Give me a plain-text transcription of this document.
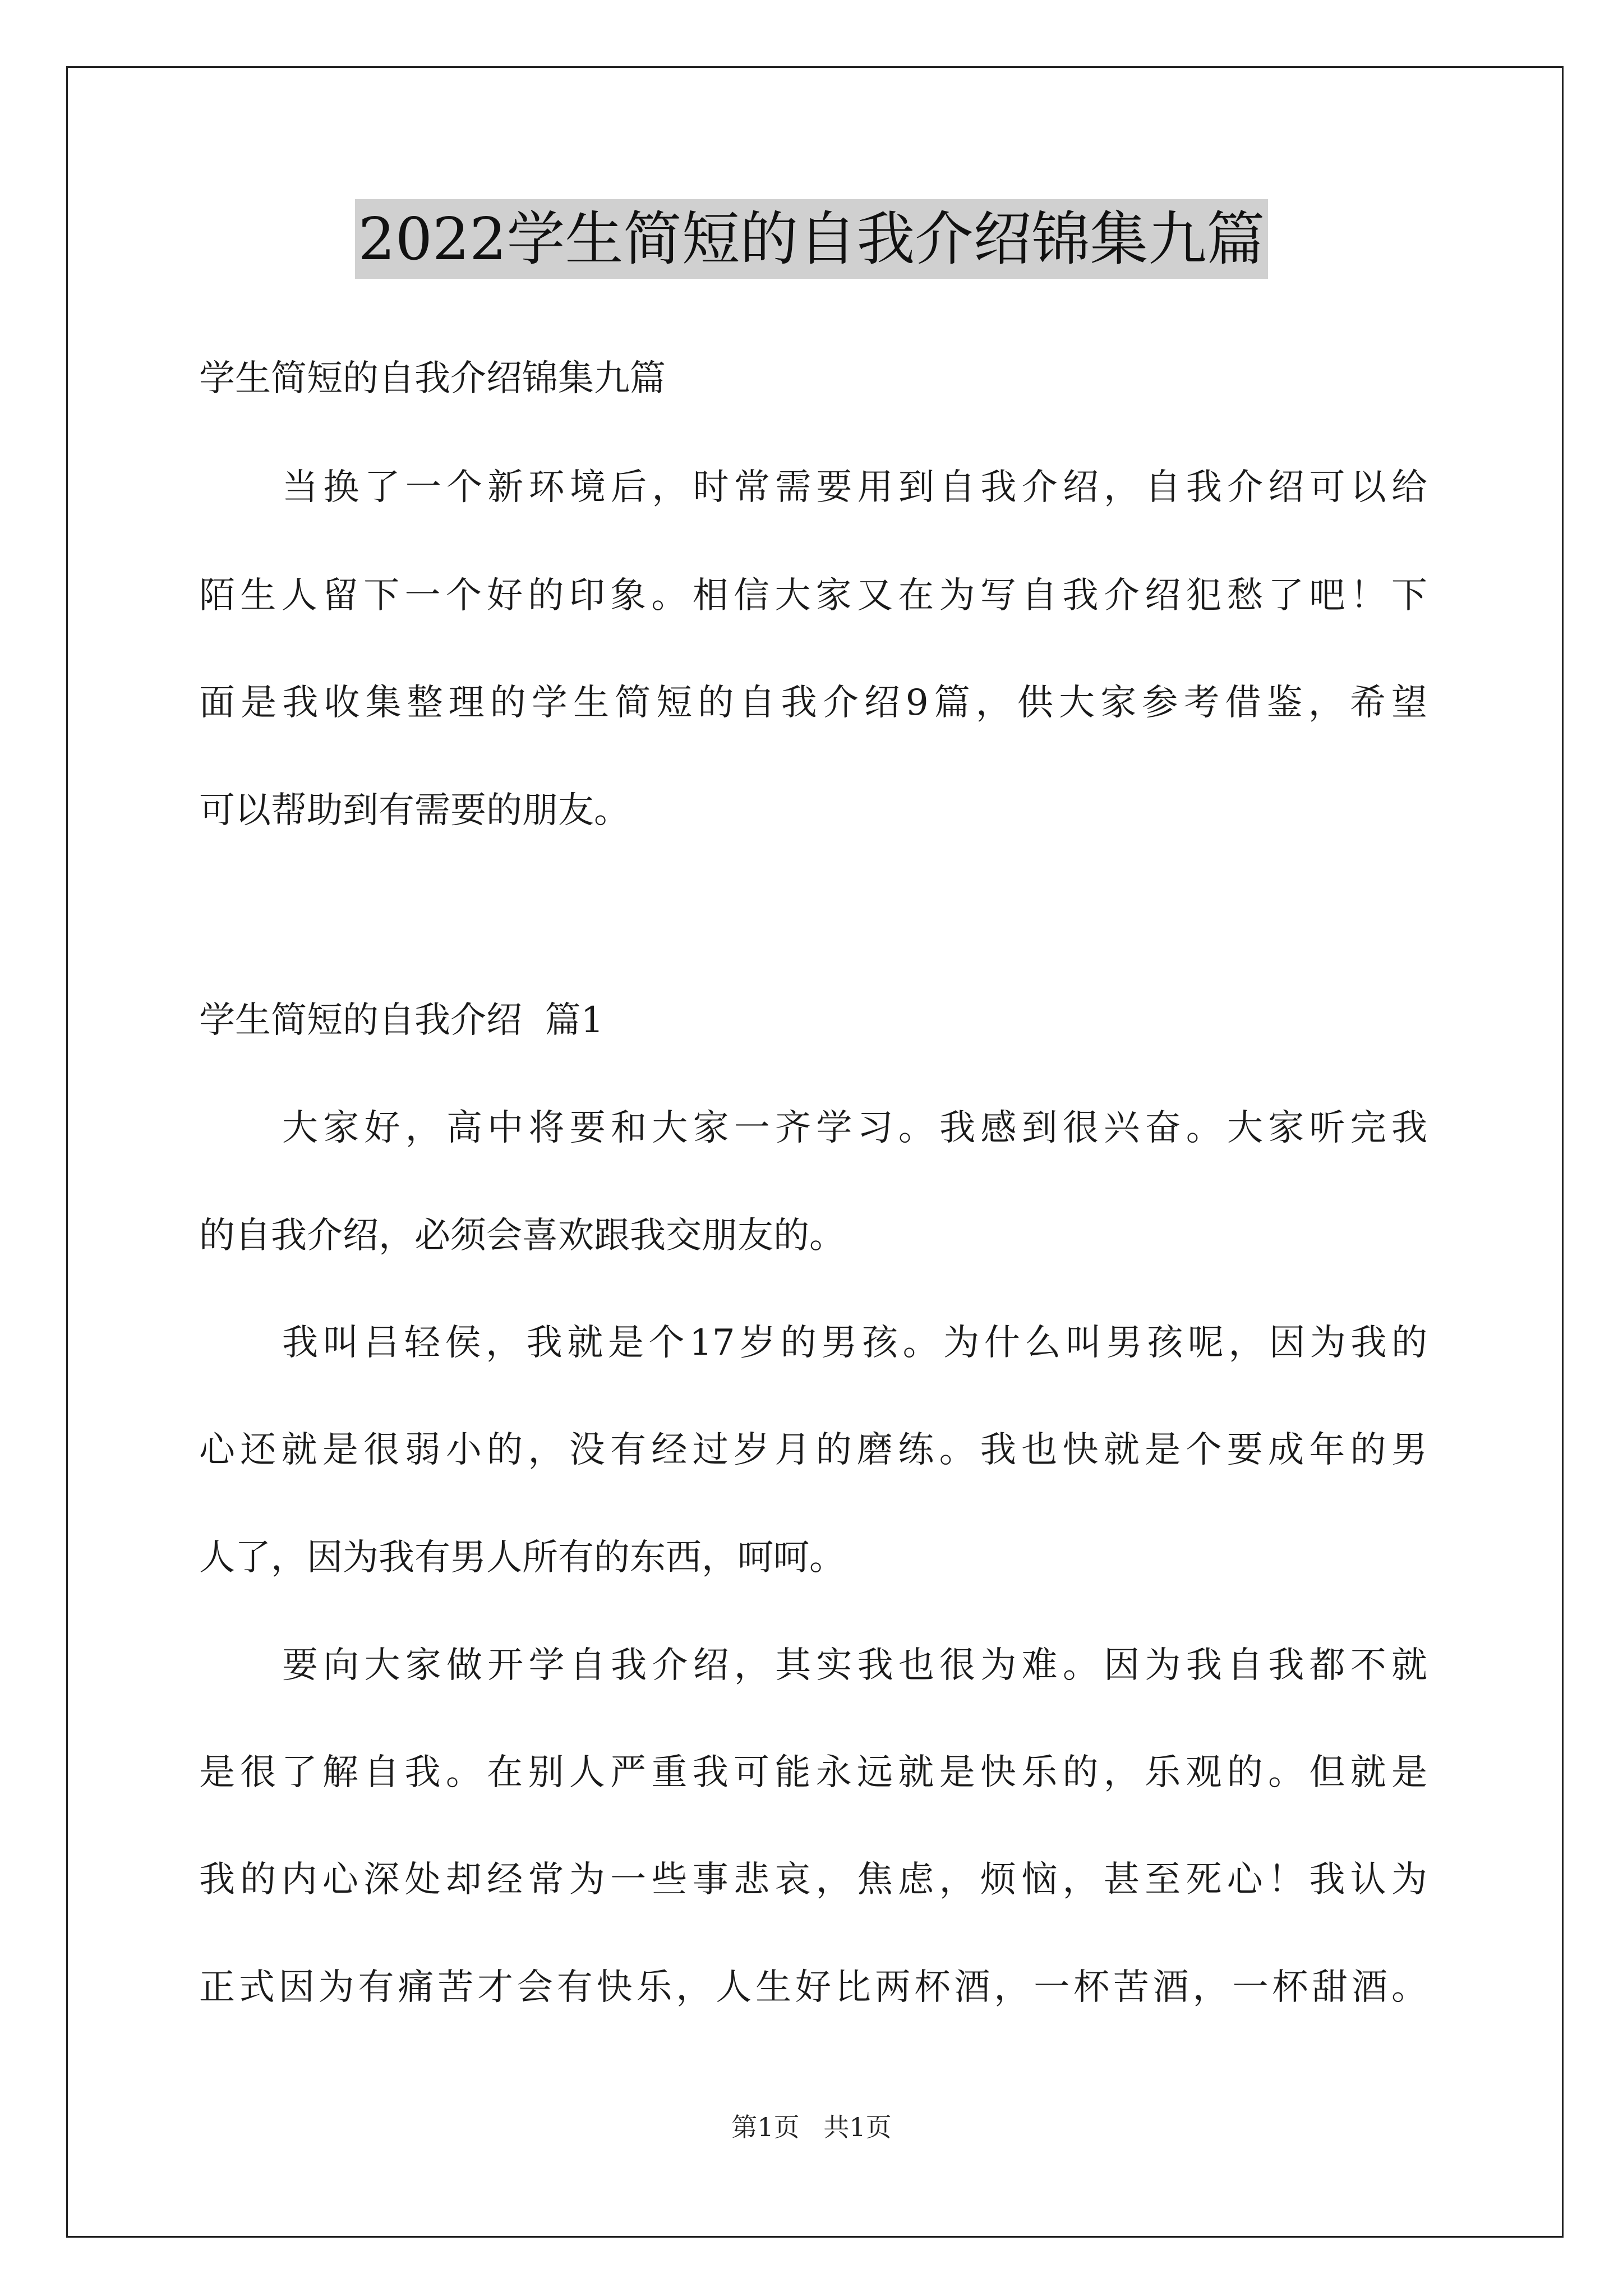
2022学生简短的自我介绍锦集九篇
学生简短的自我介绍锦集九篇
当换了一个新环境后，时常需要用到自我介绍，自我介绍可以给
陌生人留下一个好的印象。相信大家又在为写自我介绍犯愁了吧！下
面是我收集整理的学生简短的自我介绍9篇，供大家参考借鉴，希望
可以帮助到有需要的朋友。
学生简短的自我介绍  篇1
大家好，高中将要和大家一齐学习。我感到很兴奋。大家听完我
的自我介绍，必须会喜欢跟我交朋友的。
我叫吕轻侯，我就是个17岁的男孩。为什么叫男孩呢，因为我的
心还就是很弱小的，没有经过岁月的磨练。我也快就是个要成年的男
人了，因为我有男人所有的东西，呵呵。
要向大家做开学自我介绍，其实我也很为难。因为我自我都不就
是很了解自我。在别人严重我可能永远就是快乐的，乐观的。但就是
我的内心深处却经常为一些事悲哀，焦虑，烦恼，甚至死心！我认为
正式因为有痛苦才会有快乐，人生好比两杯酒，一杯苦酒，一杯甜酒。
第1页 共1页
